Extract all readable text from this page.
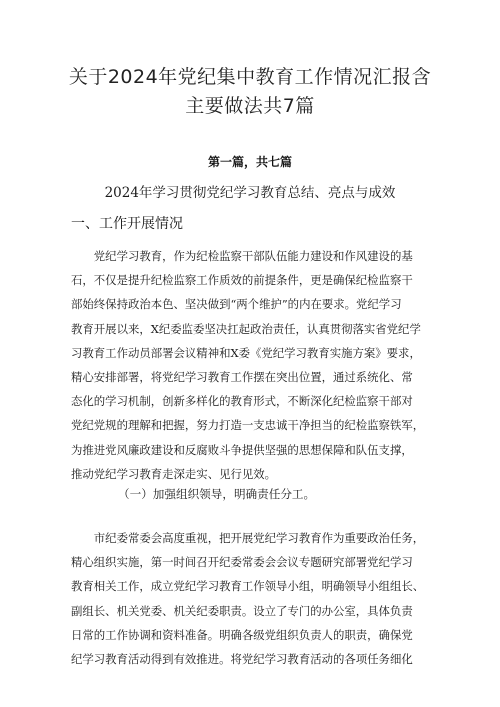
关于2024年党纪集中教育工作情况汇报含
主要做法共7篇
第一篇，共七篇
2024年学习贯彻党纪学习教育总结、亮点与成效
一、工作开展情况
　　党纪学习教育，作为纪检监察干部队伍能力建设和作风建设的基
石，不仅是提升纪检监察工作质效的前提条件，更是确保纪检监察干
部始终保持政治本色、坚决做到“两个维护”的内在要求。党纪学习
教育开展以来，X纪委监委坚决扛起政治责任，认真贯彻落实省党纪学
习教育工作动员部署会议精神和X委《党纪学习教育实施方案》要求，
精心安排部署，将党纪学习教育工作摆在突出位置，通过系统化、常
态化的学习机制，创新多样化的教育形式，不断深化纪检监察干部对
党纪党规的理解和把握，努力打造一支忠诚干净担当的纪检监察铁军，
为推进党风廉政建设和反腐败斗争提供坚强的思想保障和队伍支撑，
推动党纪学习教育走深走实、见行见效。
（一）加强组织领导，明确责任分工。
　　市纪委常委会高度重视，把开展党纪学习教育作为重要政治任务，
精心组织实施，第一时间召开纪委常委会会议专题研究部署党纪学习
教育相关工作，成立党纪学习教育工作领导小组，明确领导小组组长、
副组长、机关党委、机关纪委职责。设立了专门的办公室，具体负责
日常的工作协调和资料准备。明确各级党组织负责人的职责，确保党
纪学习教育活动得到有效推进。将党纪学习教育活动的各项任务细化
